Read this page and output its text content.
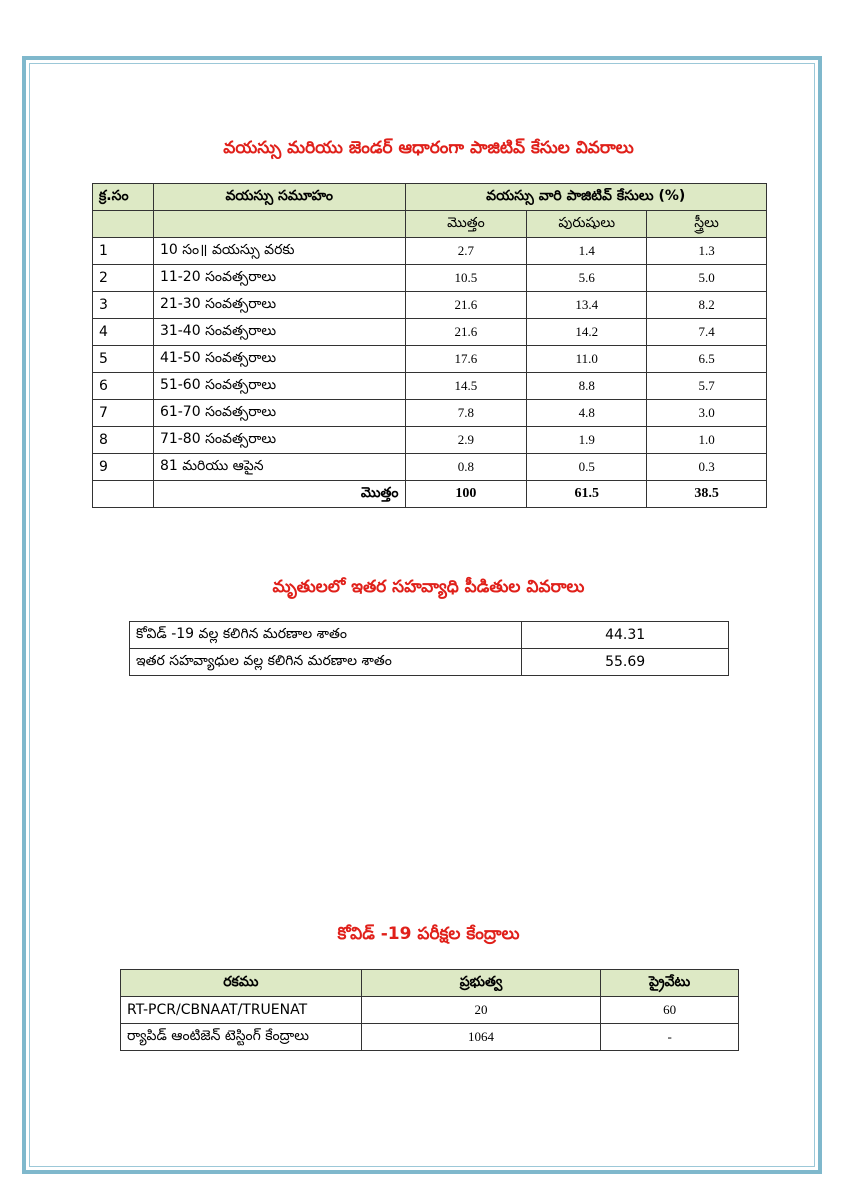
వయస్సు మరియు జెండర్ ఆధారంగా పాజిటివ్ కేసుల వివరాలు
క్ర.సం	వయస్సు సమూహం	వయస్సు వారి పాజిటివ్ కేసులు (%)		
		మొత్తం	పురుషులు	స్త్రీలు
1	10 సం॥ వయస్సు వరకు	2.7	1.4	1.3
2	11-20 సంవత్సరాలు	10.5	5.6	5.0
3	21-30 సంవత్సరాలు	21.6	13.4	8.2
4	31-40 సంవత్సరాలు	21.6	14.2	7.4
5	41-50 సంవత్సరాలు	17.6	11.0	6.5
6	51-60 సంవత్సరాలు	14.5	8.8	5.7
7	61-70 సంవత్సరాలు	7.8	4.8	3.0
8	71-80 సంవత్సరాలు	2.9	1.9	1.0
9	81 మరియు ఆపైన	0.8	0.5	0.3
	మొత్తం	100	61.5	38.5
మృతులలో ఇతర సహవ్యాధి పీడితుల వివరాలు
కోవిడ్ -19 వల్ల కలిగిన మరణాల శాతం	44.31
ఇతర సహవ్యాధుల వల్ల కలిగిన మరణాల శాతం	55.69
కోవిడ్ -19 పరీక్షల కేంద్రాలు
రకము	ప్రభుత్వ	ప్రైవేటు
RT-PCR/CBNAAT/TRUENAT	20	60
ర్యాపిడ్ ఆంటిజెన్ టెస్టింగ్ కేంద్రాలు	1064	-
